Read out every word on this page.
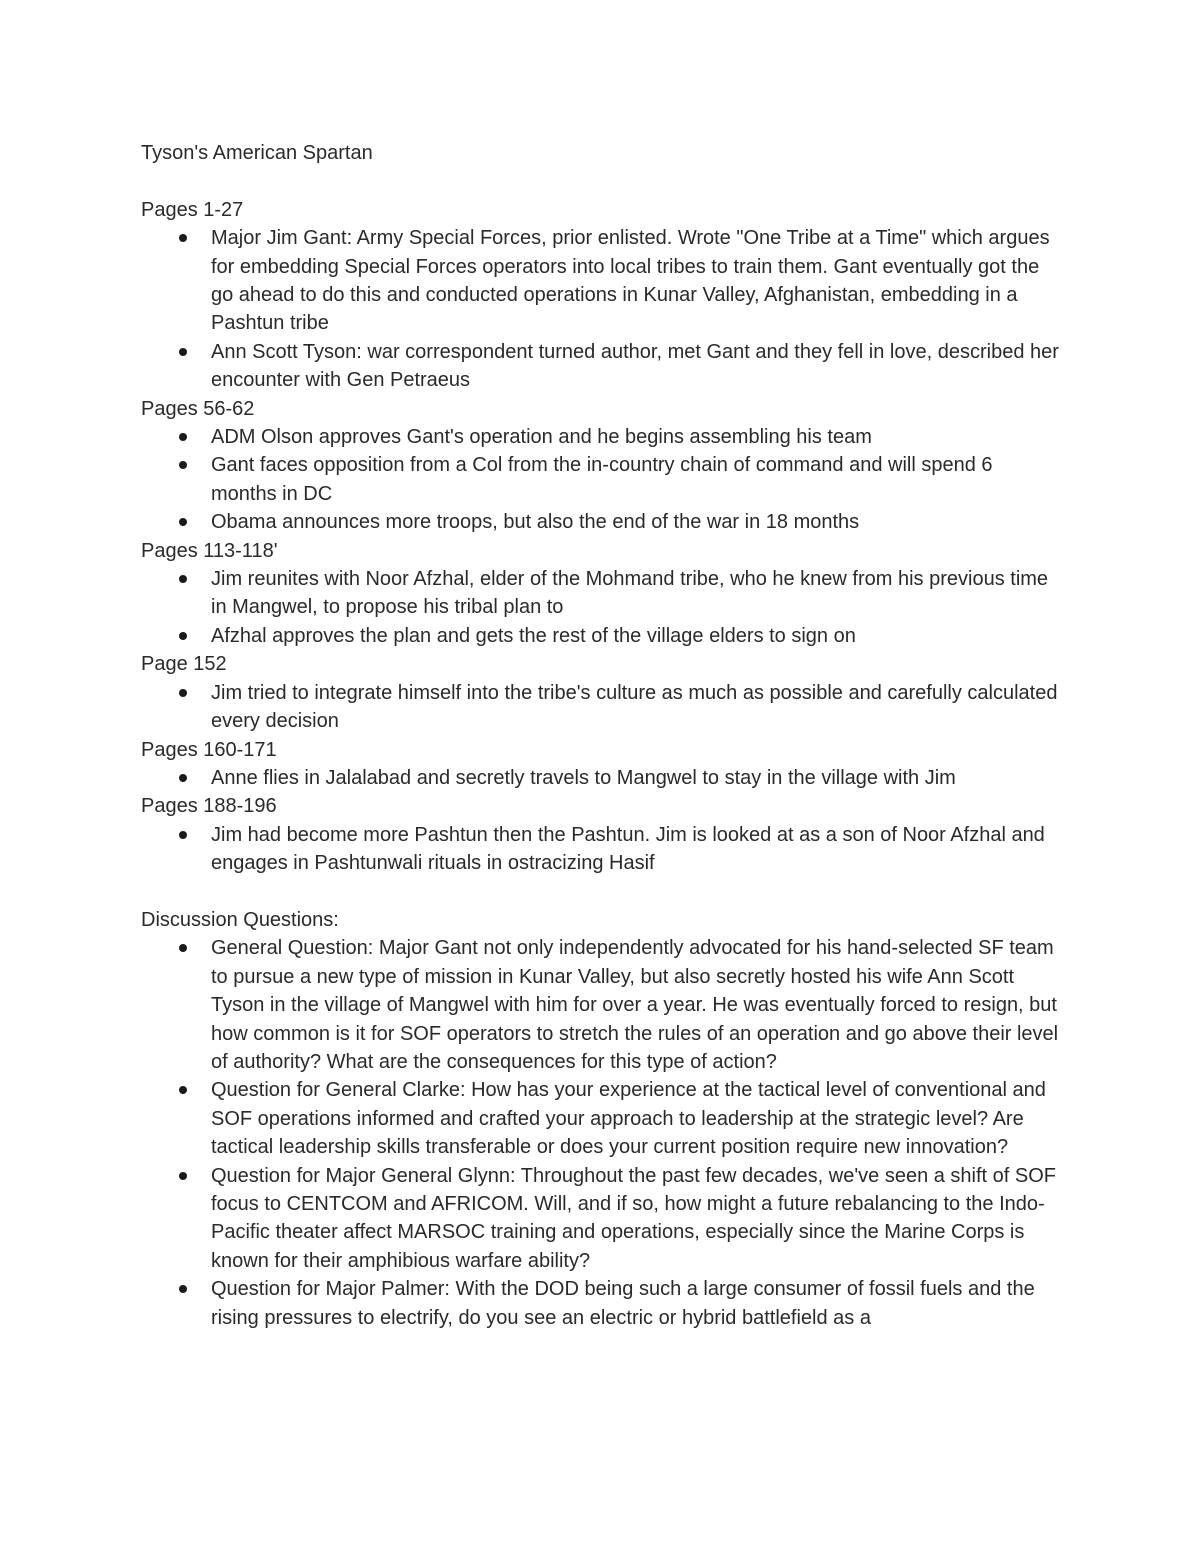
Tyson's American Spartan
Pages 1-27
Major Jim Gant: Army Special Forces, prior enlisted. Wrote "One Tribe at a Time" which argues for embedding Special Forces operators into local tribes to train them. Gant eventually got the go ahead to do this and conducted operations in Kunar Valley, Afghanistan, embedding in a Pashtun tribe
Ann Scott Tyson: war correspondent turned author, met Gant and they fell in love, described her encounter with Gen Petraeus
Pages 56-62
ADM Olson approves Gant's operation and he begins assembling his team
Gant faces opposition from a Col from the in-country chain of command and will spend 6 months in DC
Obama announces more troops, but also the end of the war in 18 months
Pages 113-118'
Jim reunites with Noor Afzhal, elder of the Mohmand tribe, who he knew from his previous time in Mangwel, to propose his tribal plan to
Afzhal approves the plan and gets the rest of the village elders to sign on
Page 152
Jim tried to integrate himself into the tribe's culture as much as possible and carefully calculated every decision
Pages 160-171
Anne flies in Jalalabad and secretly travels to Mangwel to stay in the village with Jim
Pages 188-196
Jim had become more Pashtun then the Pashtun. Jim is looked at as a son of Noor Afzhal and engages in Pashtunwali rituals in ostracizing Hasif
Discussion Questions:
General Question: Major Gant not only independently advocated for his hand-selected SF team to pursue a new type of mission in Kunar Valley, but also secretly hosted his wife Ann Scott Tyson in the village of Mangwel with him for over a year. He was eventually forced to resign, but how common is it for SOF operators to stretch the rules of an operation and go above their level of authority? What are the consequences for this type of action?
Question for General Clarke: How has your experience at the tactical level of conventional and SOF operations informed and crafted your approach to leadership at the strategic level? Are tactical leadership skills transferable or does your current position require new innovation?
Question for Major General Glynn: Throughout the past few decades, we've seen a shift of SOF focus to CENTCOM and AFRICOM. Will, and if so, how might a future rebalancing to the Indo-Pacific theater affect MARSOC training and operations, especially since the Marine Corps is known for their amphibious warfare ability?
Question for Major Palmer: With the DOD being such a large consumer of fossil fuels and the rising pressures to electrify, do you see an electric or hybrid battlefield as a
